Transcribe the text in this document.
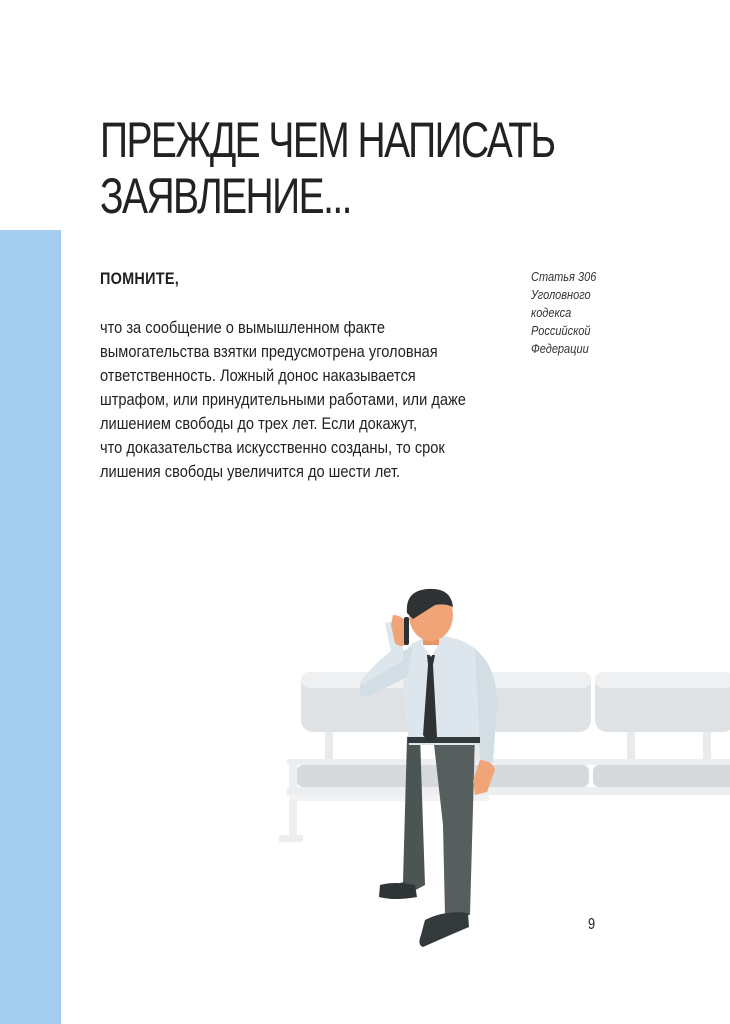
ПРЕЖДЕ ЧЕМ НАПИСАТЬ
ЗАЯВЛЕНИЕ...
ПОМНИТЕ,
что за сообщение о вымышленном факте
вымогательства взятки предусмотрена уголовная
ответственность. Ложный донос наказывается
штрафом, или принудительными работами, или даже
лишением свободы до трех лет. Если докажут,
что доказательства искусственно созданы, то срок
лишения свободы увеличится до шести лет.
Статья 306
Уголовного
кодекса
Российской
Федерации
9
